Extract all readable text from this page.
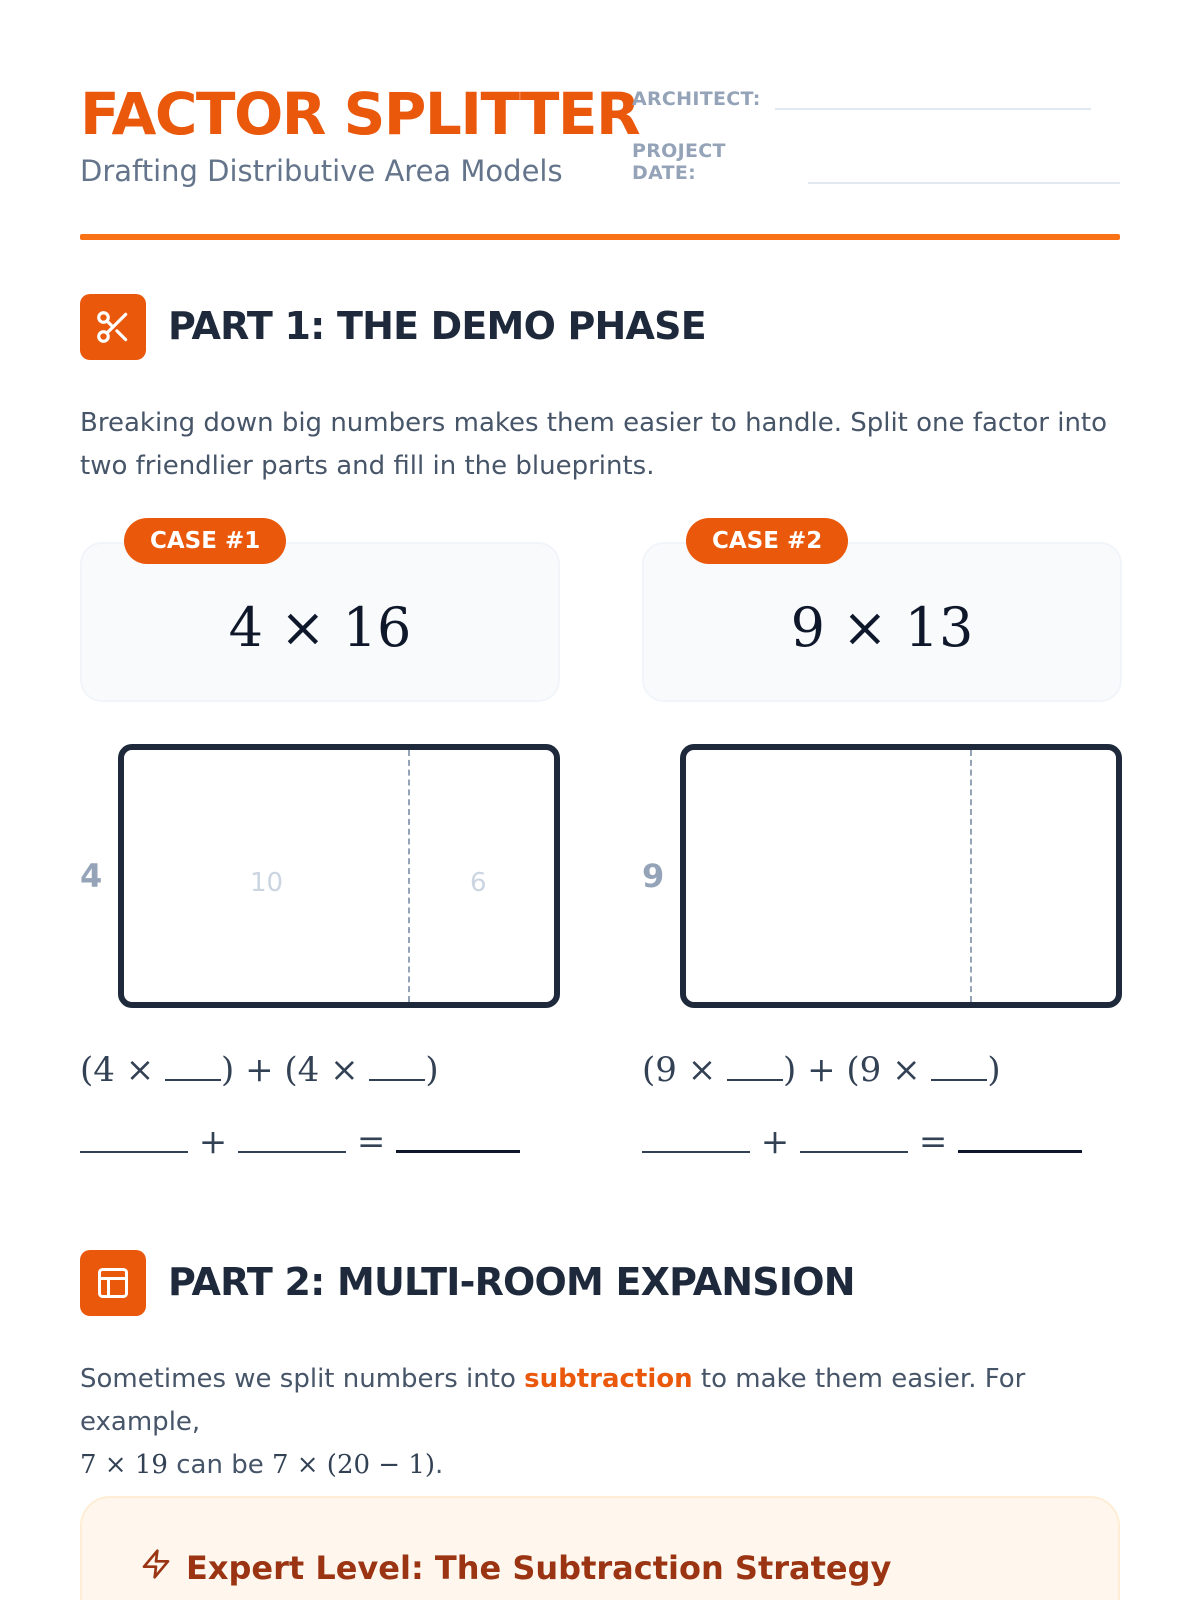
FACTOR SPLITTER
Drafting Distributive Area Models
ARCHITECT:
PROJECT DATE:
PART 1: THE DEMO PHASE
Breaking down big numbers makes them easier to handle. Split one factor into two friendlier parts and fill in the blueprints.
4 × 16
CASE #1
9 × 13
CASE #2
4	10	6	9
(4 × ) + (4 × )
+	=
(9 × ) + (9 × )
+	=
PART 2: MULTI-ROOM EXPANSION
Sometimes we split numbers into subtraction to make them easier. For example,
7 × 19 can be 7 × (20 − 1).
Expert Level: The Subtraction Strategy
